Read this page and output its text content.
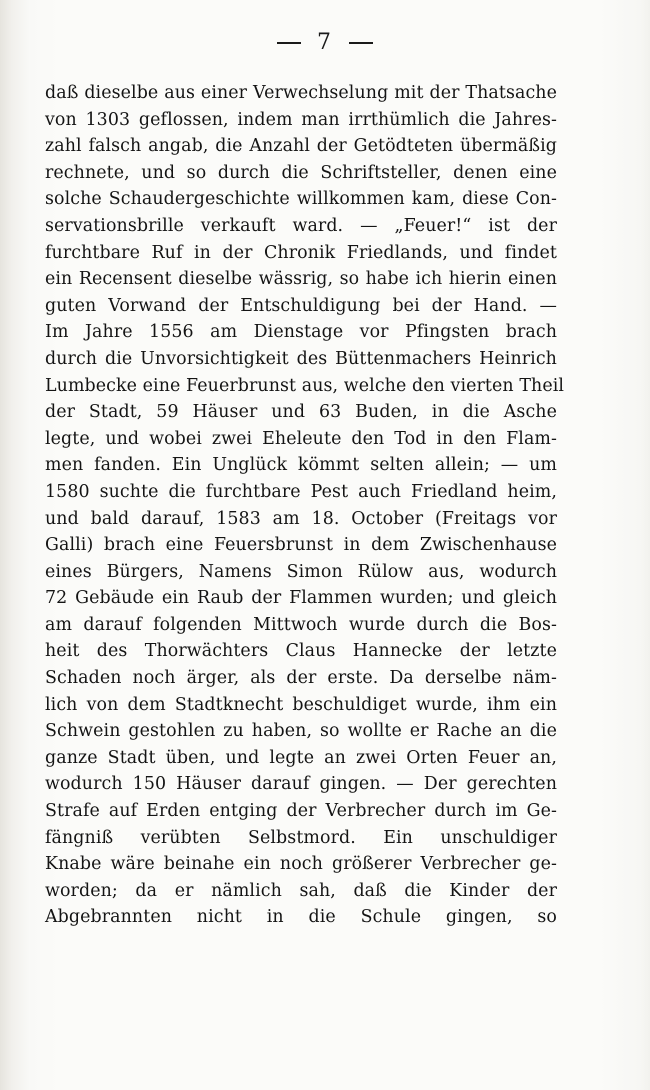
7
daß dieselbe aus einer Verwechselung mit der Thatsache
von 1303 geflossen, indem man irrthümlich die Jahres-
zahl falsch angab, die Anzahl der Getödteten übermäßig
rechnete, und so durch die Schriftsteller, denen eine
solche Schaudergeschichte willkommen kam, diese Con-
servationsbrille verkauft ward. — „Feuer!“ ist der
furchtbare Ruf in der Chronik Friedlands, und findet
ein Recensent dieselbe wässrig, so habe ich hierin einen
guten Vorwand der Entschuldigung bei der Hand. —
Im Jahre 1556 am Dienstage vor Pfingsten brach
durch die Unvorsichtigkeit des Büttenmachers Heinrich
Lumbecke eine Feuerbrunst aus, welche den vierten Theil
der Stadt, 59 Häuser und 63 Buden, in die Asche
legte, und wobei zwei Eheleute den Tod in den Flam-
men fanden. Ein Unglück kömmt selten allein; — um
1580 suchte die furchtbare Pest auch Friedland heim,
und bald darauf, 1583 am 18. October (Freitags vor
Galli) brach eine Feuersbrunst in dem Zwischenhause
eines Bürgers, Namens Simon Rülow aus, wodurch
72 Gebäude ein Raub der Flammen wurden; und gleich
am darauf folgenden Mittwoch wurde durch die Bos-
heit des Thorwächters Claus Hannecke der letzte
Schaden noch ärger, als der erste. Da derselbe näm-
lich von dem Stadtknecht beschuldiget wurde, ihm ein
Schwein gestohlen zu haben, so wollte er Rache an die
ganze Stadt üben, und legte an zwei Orten Feuer an,
wodurch 150 Häuser darauf gingen. — Der gerechten
Strafe auf Erden entging der Verbrecher durch im Ge-
fängniß verübten Selbstmord. Ein unschuldiger
Knabe wäre beinahe ein noch größerer Verbrecher ge-
worden; da er nämlich sah, daß die Kinder der
Abgebrannten nicht in die Schule gingen, so
